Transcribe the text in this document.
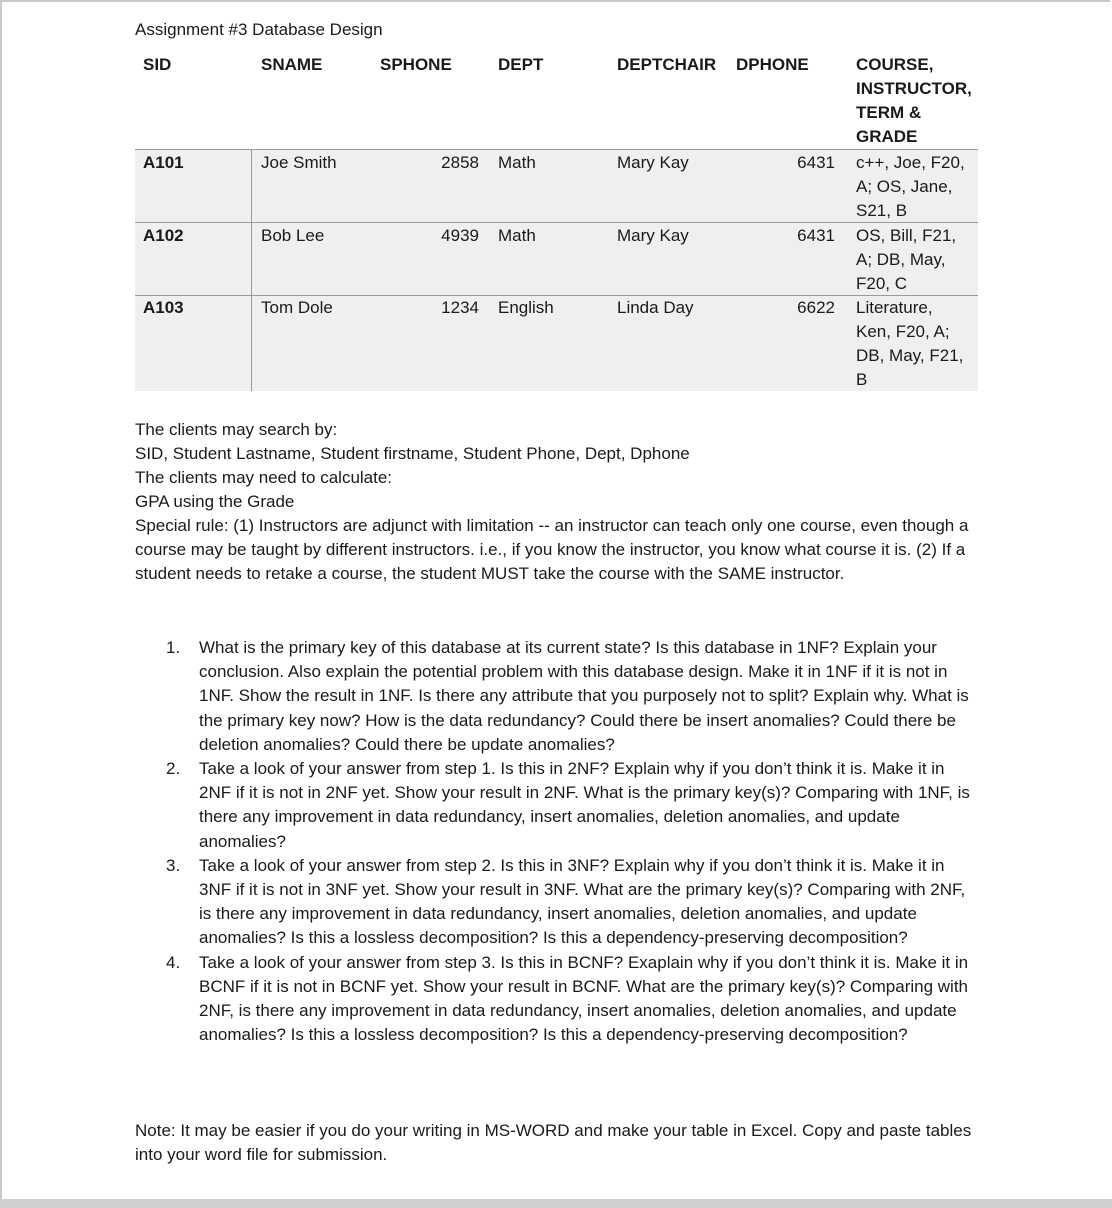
Assignment #3 Database Design
SID	SNAME	SPHONE	DEPT	DEPTCHAIR DPHONE	COURSE,
INSTRUCTOR,
TERM &
GRADE
A101	Joe Smith	2858 Math	Mary Kay	6431 c++, Joe, F20,
A; OS, Jane,
S21, B
A102	Bob Lee	4939 Math	Mary Kay	6431 OS, Bill, F21,
A; DB, May,
F20, C
A103	Tom Dole	1234 English	Linda Day	6622 Literature,
Ken, F20, A;
DB, May, F21,
B
The clients may search by:
SID, Student Lastname, Student firstname, Student Phone, Dept, Dphone
The clients may need to calculate:
GPA using the Grade
Special rule: (1) Instructors are adjunct with limitation -- an instructor can teach only one course, even though a course may be taught by different instructors. i.e., if you know the instructor, you know what course it is. (2) If a student needs to retake a course, the student MUST take the course with the SAME instructor.
1. What is the primary key of this database at its current state? Is this database in 1NF? Explain your conclusion. Also explain the potential problem with this database design. Make it in 1NF if it is not in 1NF. Show the result in 1NF. Is there any attribute that you purposely not to split? Explain why. What is the primary key now? How is the data redundancy? Could there be insert anomalies? Could there be deletion anomalies? Could there be update anomalies?
2. Take a look of your answer from step 1. Is this in 2NF? Explain why if you don’t think it is. Make it in 2NF if it is not in 2NF yet. Show your result in 2NF. What is the primary key(s)? Comparing with 1NF, is there any improvement in data redundancy, insert anomalies, deletion anomalies, and update anomalies?
3. Take a look of your answer from step 2. Is this in 3NF? Explain why if you don’t think it is. Make it in 3NF if it is not in 3NF yet. Show your result in 3NF. What are the primary key(s)? Comparing with 2NF, is there any improvement in data redundancy, insert anomalies, deletion anomalies, and update anomalies? Is this a lossless decomposition? Is this a dependency-preserving decomposition?
4. Take a look of your answer from step 3. Is this in BCNF? Exaplain why if you don’t think it is. Make it in BCNF if it is not in BCNF yet. Show your result in BCNF. What are the primary key(s)? Comparing with 2NF, is there any improvement in data redundancy, insert anomalies, deletion anomalies, and update anomalies? Is this a lossless decomposition? Is this a dependency-preserving decomposition?
Note: It may be easier if you do your writing in MS-WORD and make your table in Excel. Copy and paste tables into your word file for submission.
